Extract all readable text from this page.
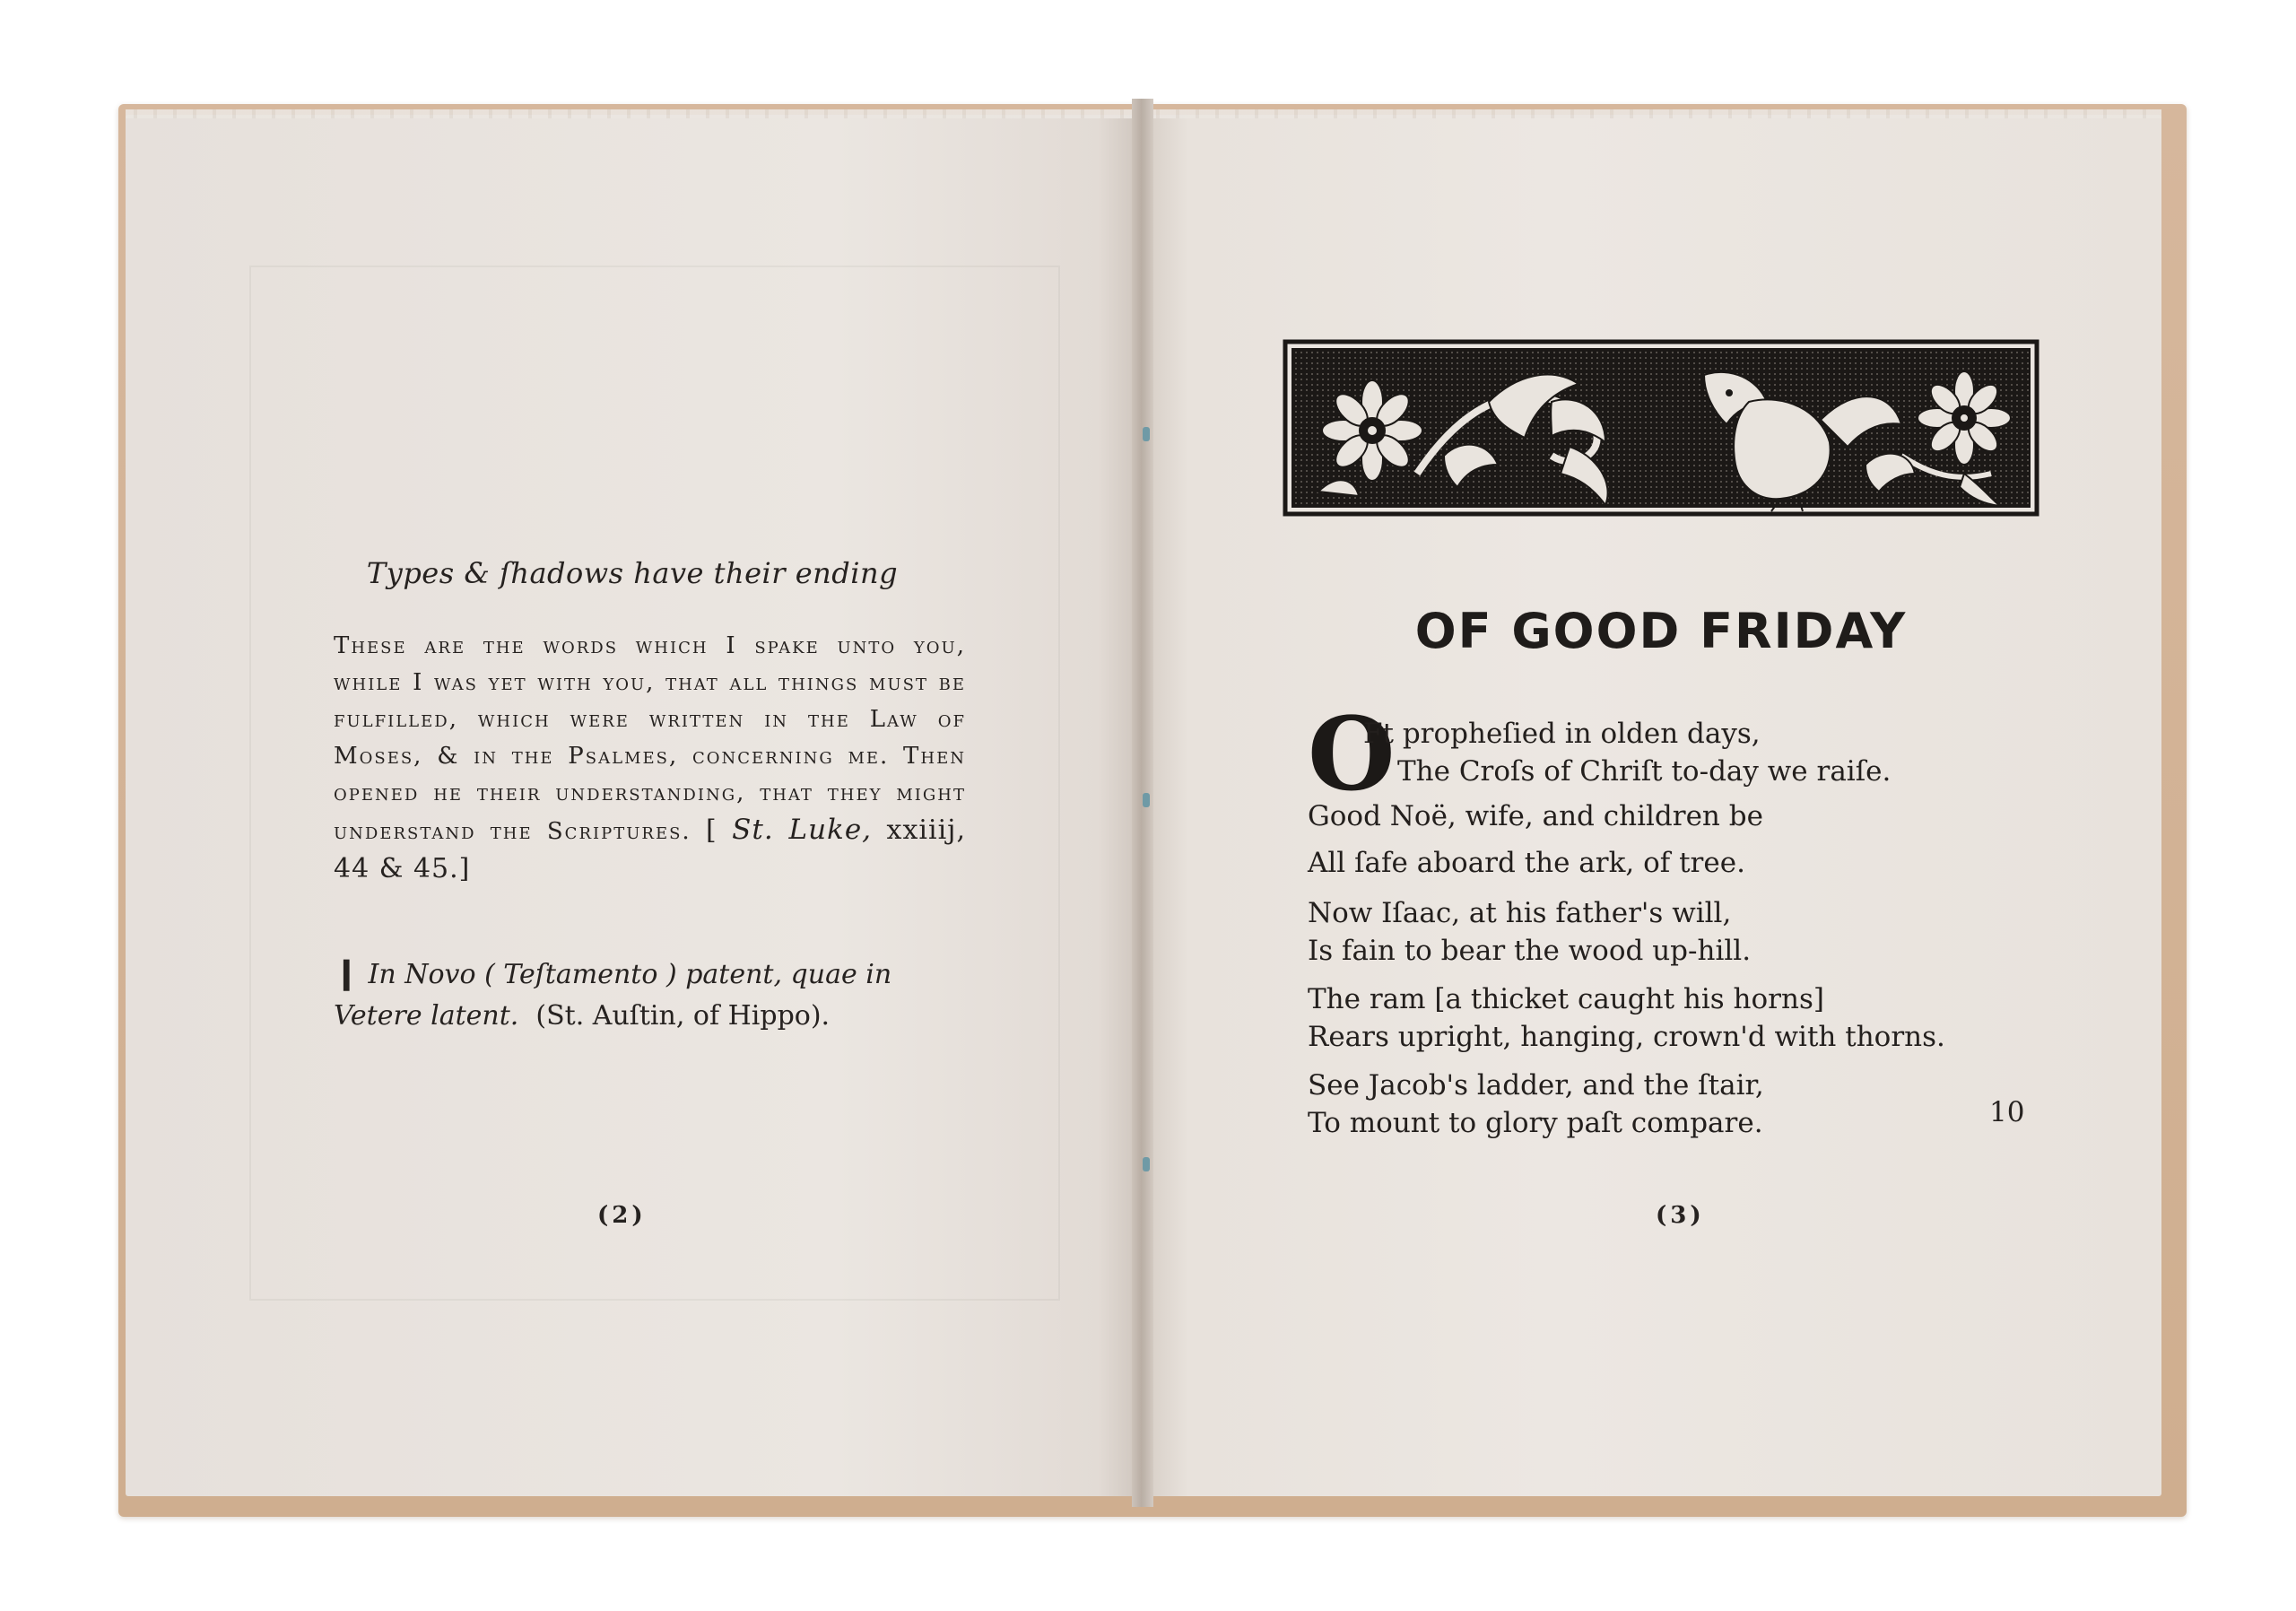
Types & ſhadows have their ending
These are the words which I spake unto you, while I was yet with you, that all things must be fulfilled, which were written in the Law of Moses, & in the Psalmes, concerning me. Then opened he their understanding, that they might understand the Scriptures. [ St. Luke, xxiiij, 44 & 45.]
❙ In Novo ( Teſtamento ) patent, quae in Vetere latent. (St. Auſtin, of Hippo).
(2)
OF GOOD FRIDAY
O
Ft propheſied in olden days,
The Croſs of Chriſt to-day we raiſe.
Good Noë, wife, and children be
All ſafe aboard the ark, of tree.
Now Iſaac, at his father's will,
Is fain to bear the wood up-hill.
The ram [a thicket caught his horns]
Rears upright, hanging, crown'd with thorns.
See Jacob's ladder, and the ſtair,
To mount to glory paſt compare.	10
(3)
